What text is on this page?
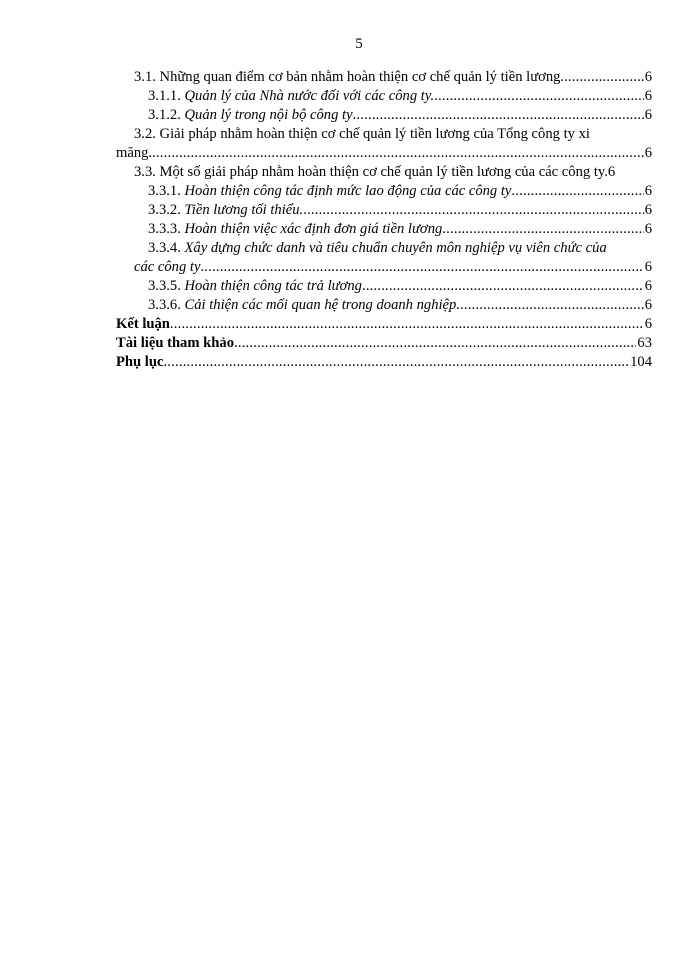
5
3.1. Những quan điểm cơ bản nhằm hoàn thiện cơ chế quản lý tiền lương. .....	6
3.1.1. Quản lý của Nhà nước đối với các công ty. .....	6
3.1.2. Quản lý trong nội bộ công ty .....	6
3.2. Giải pháp nhằm hoàn thiện cơ chế quản lý tiền lương của Tổng công ty xi
măng. .....	6
3.3. Một số giải pháp nhằm hoàn thiện cơ chế quản lý tiền lương của các công ty.6
3.3.1. Hoàn thiện công tác định mức lao động của các công ty .....	6
3.3.2. Tiền lương tối thiểu. .....	6
3.3.3. Hoàn thiện việc xác định đơn giá tiền lương .....	6
3.3.4. Xây dựng chức danh và tiêu chuẩn chuyên môn nghiệp vụ viên chức của
các công ty .....	6
3.3.5. Hoàn thiện công tác trả lương .....	6
3.3.6. Cải thiện các mối quan hệ trong doanh nghiệp. .....	6
Kết luận .....	6
Tài liệu tham khảo .....	63
Phụ lục .....	104
